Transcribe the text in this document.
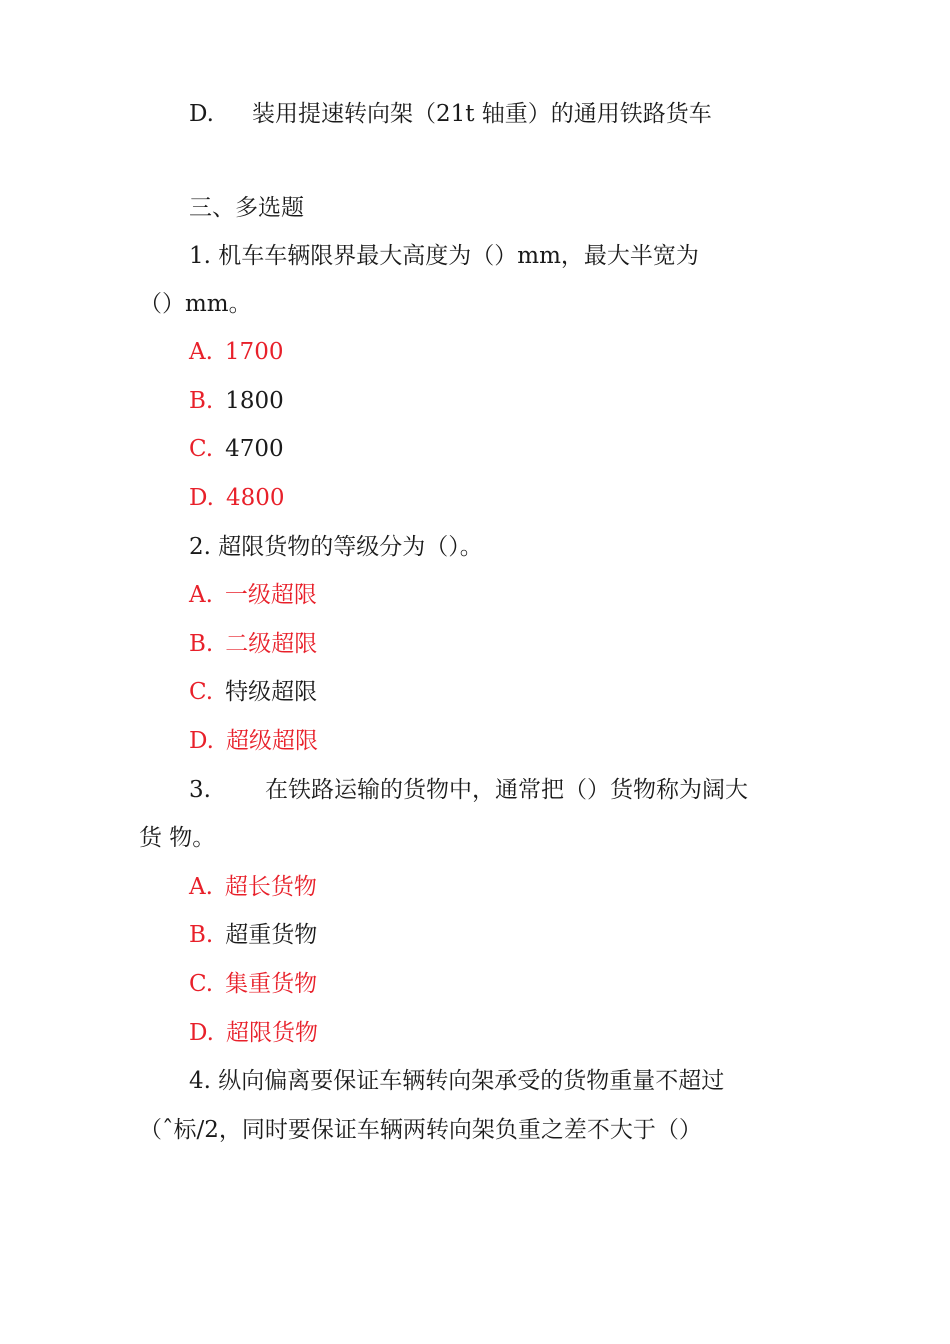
D. 装用提速转向架（21t 轴重）的通用铁路货车
三、多选题
1. 机车车辆限界最大高度为（）mm，最大半宽为
（）mm。
A. 1700
B. 1800
C. 4700
D. 4800
2. 超限货物的等级分为（）。
A. 一级超限
B. 二级超限
C. 特级超限
D. 超级超限
3. 在铁路运输的货物中，通常把（）货物称为阔大
货 物。
A. 超长货物
B. 超重货物
C. 集重货物
D. 超限货物
4. 纵向偏离要保证车辆转向架承受的货物重量不超过
（ˆ标/2，同时要保证车辆两转向架负重之差不大于（）
